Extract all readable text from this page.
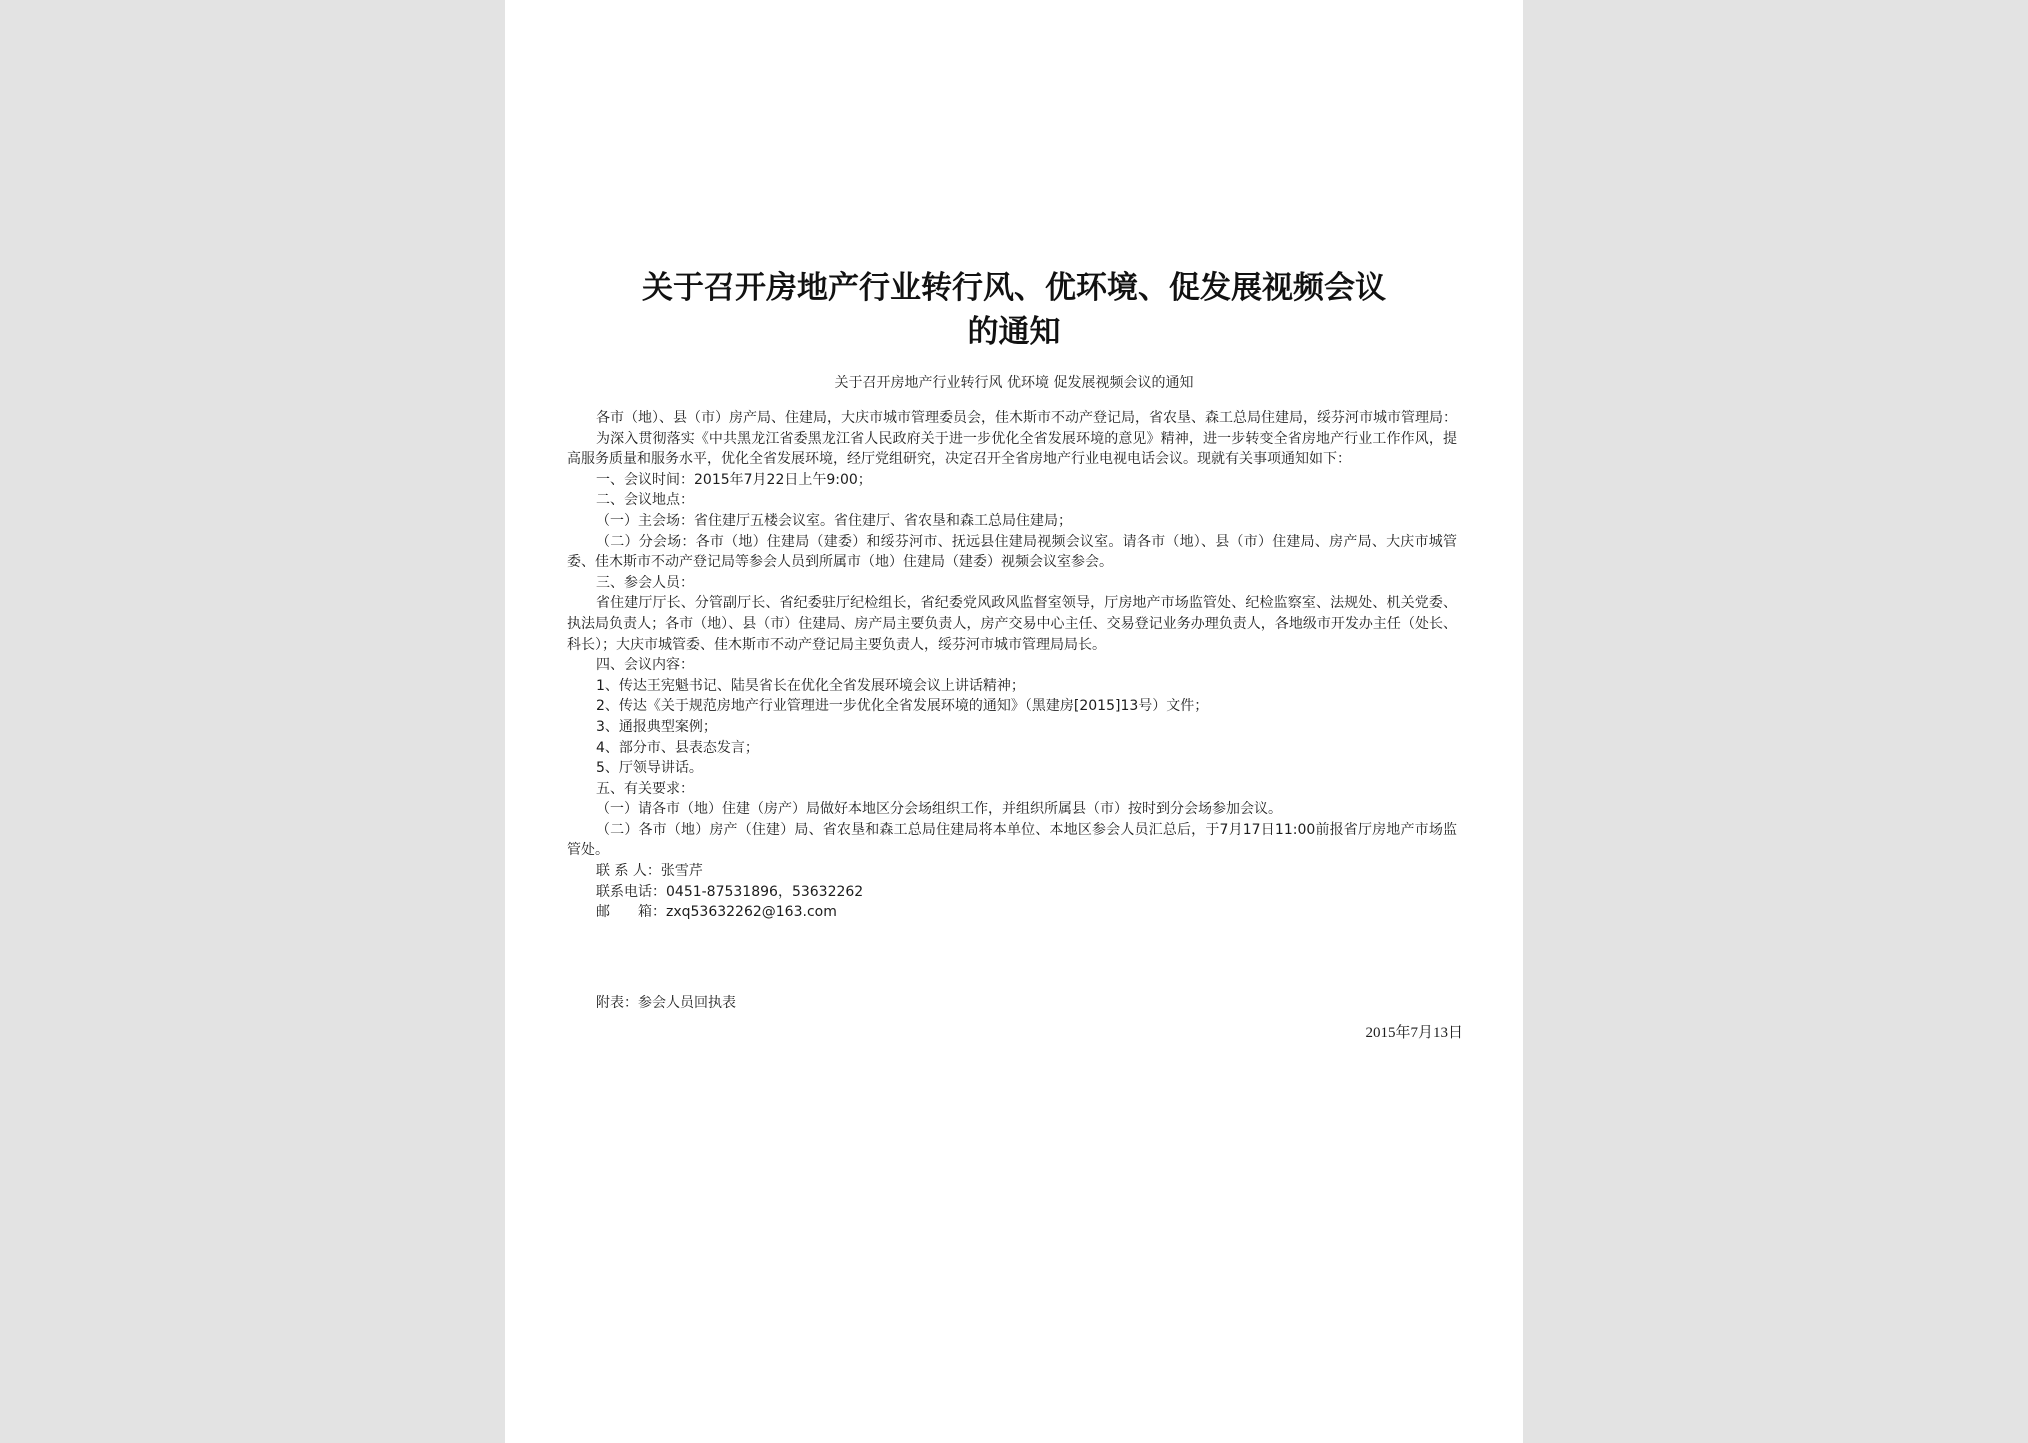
关于召开房地产行业转行风、优环境、促发展视频会议
的通知
关于召开房地产行业转行风 优环境 促发展视频会议的通知

各市（地）、县（市）房产局、住建局，大庆市城市管理委员会，佳木斯市不动产登记局，省农垦、森工总局住建局，绥芬河市城市管理局：

为深入贯彻落实《中共黑龙江省委黑龙江省人民政府关于进一步优化全省发展环境的意见》精神，进一步转变全省房地产行业工作作风，提高服务质量和服务水平，优化全省发展环境，经厅党组研究，决定召开全省房地产行业电视电话会议。现就有关事项通知如下：

一、会议时间：2015年7月22日上午9:00；

二、会议地点：

（一）主会场：省住建厅五楼会议室。省住建厅、省农垦和森工总局住建局；

（二）分会场：各市（地）住建局（建委）和绥芬河市、抚远县住建局视频会议室。请各市（地）、县（市）住建局、房产局、大庆市城管委、佳木斯市不动产登记局等参会人员到所属市（地）住建局（建委）视频会议室参会。

三、参会人员：

省住建厅厅长、分管副厅长、省纪委驻厅纪检组长，省纪委党风政风监督室领导，厅房地产市场监管处、纪检监察室、法规处、机关党委、执法局负责人；各市（地）、县（市）住建局、房产局主要负责人，房产交易中心主任、交易登记业务办理负责人，各地级市开发办主任（处长、科长）；大庆市城管委、佳木斯市不动产登记局主要负责人，绥芬河市城市管理局局长。

四、会议内容：

1、传达王宪魁书记、陆昊省长在优化全省发展环境会议上讲话精神；

2、传达《关于规范房地产行业管理进一步优化全省发展环境的通知》（黑建房[2015]13号）文件；

3、通报典型案例；

4、部分市、县表态发言；

5、厅领导讲话。

五、有关要求：

（一）请各市（地）住建（房产）局做好本地区分会场组织工作，并组织所属县（市）按时到分会场参加会议。

（二）各市（地）房产（住建）局、省农垦和森工总局住建局将本单位、本地区参会人员汇总后，于7月17日11:00前报省厅房地产市场监管处。

联 系 人：张雪芹

联系电话：0451-87531896，53632262

邮　　箱：zxq53632262@163.com

附表：参会人员回执表
2015年7月13日
